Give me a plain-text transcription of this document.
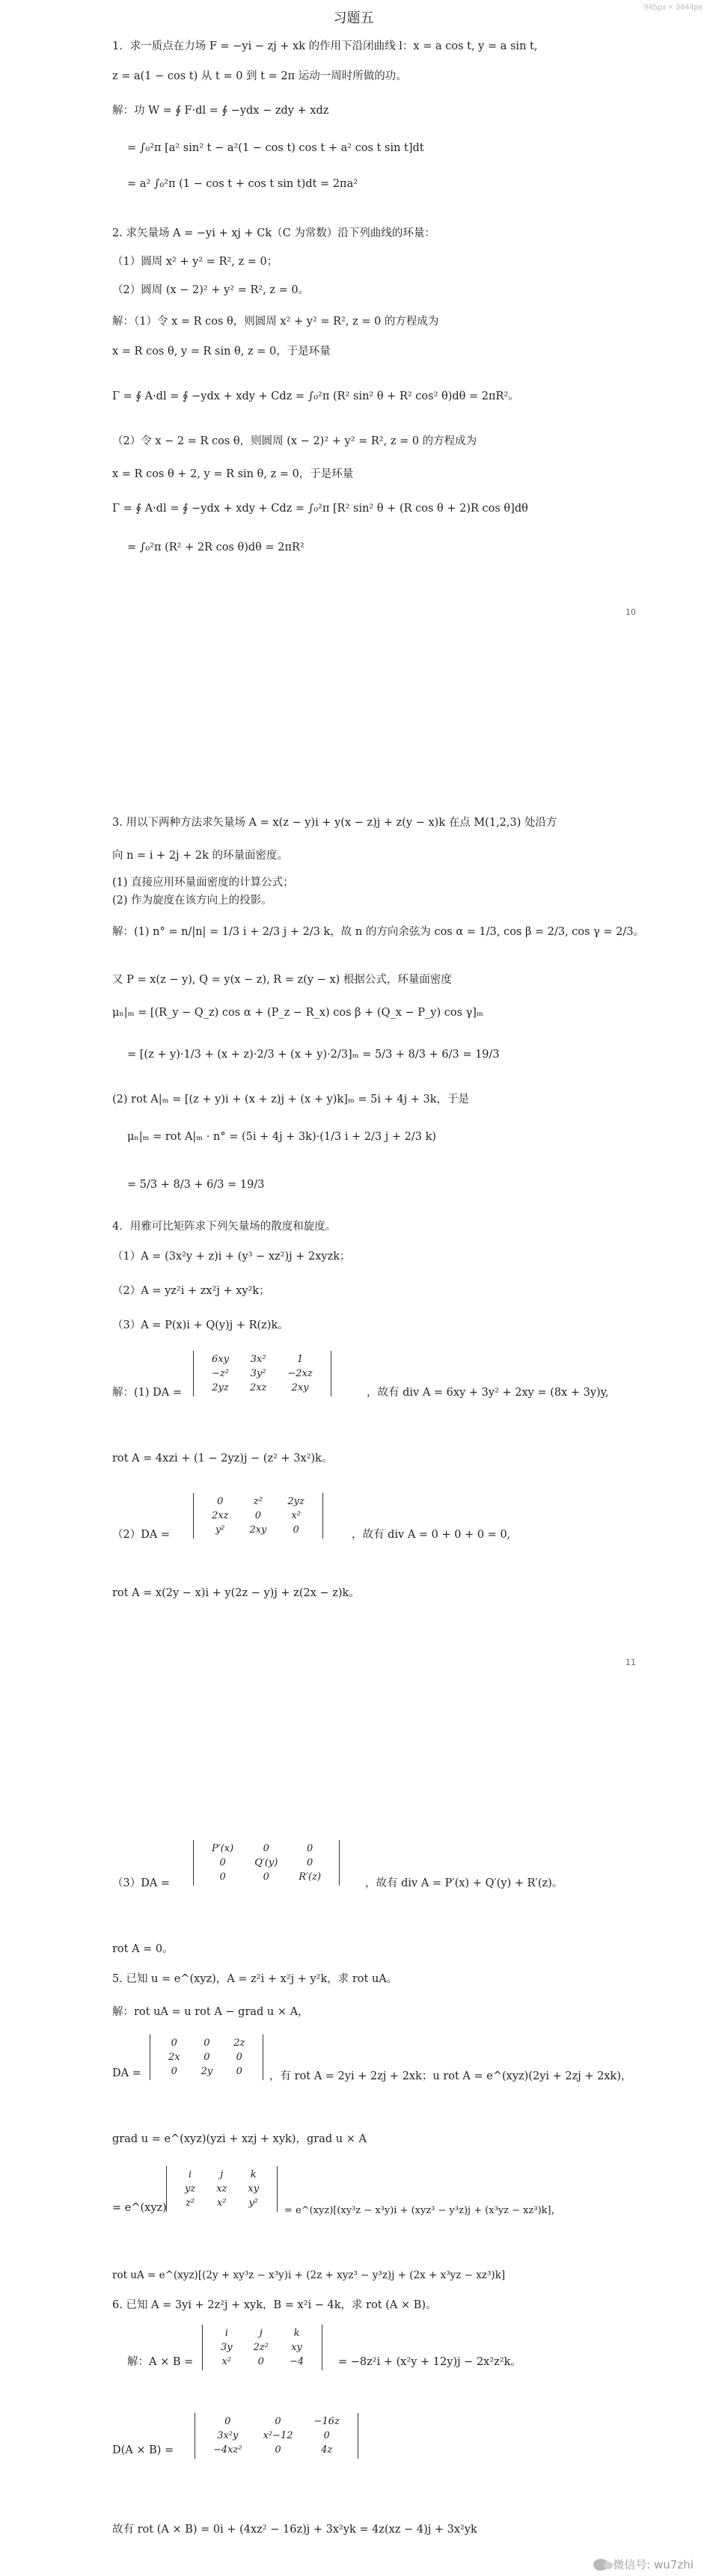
945px × 3444px
习题五
1．求一质点在力场 F = −yi − zj + xk 的作用下沿闭曲线 l：x = a cos t, y = a sin t,
z = a(1 − cos t) 从 t = 0 到 t = 2π 运动一周时所做的功。
解：功 W = ∮ F·dl = ∮ −ydx − zdy + xdz
= ∫₀²π [a² sin² t − a²(1 − cos t) cos t + a² cos t sin t]dt
= a² ∫₀²π (1 − cos t + cos t sin t)dt = 2πa²
2. 求矢量场 A = −yi + xj + Ck（C 为常数）沿下列曲线的环量：
（1）圆周 x² + y² = R², z = 0；
（2）圆周 (x − 2)² + y² = R², z = 0。
解：（1）令 x = R cos θ，则圆周 x² + y² = R², z = 0 的方程成为
x = R cos θ, y = R sin θ, z = 0，于是环量
Γ = ∮ A·dl = ∮ −ydx + xdy + Cdz = ∫₀²π (R² sin² θ + R² cos² θ)dθ = 2πR²。
（2）令 x − 2 = R cos θ，则圆周 (x − 2)² + y² = R², z = 0 的方程成为
x = R cos θ + 2, y = R sin θ, z = 0，于是环量
Γ = ∮ A·dl = ∮ −ydx + xdy + Cdz = ∫₀²π [R² sin² θ + (R cos θ + 2)R cos θ]dθ
= ∫₀²π (R² + 2R cos θ)dθ = 2πR²
10
3. 用以下两种方法求矢量场 A = x(z − y)i + y(x − z)j + z(y − x)k 在点 M(1,2,3) 处沿方
向 n = i + 2j + 2k 的环量面密度。
(1) 直接应用环量面密度的计算公式；
(2) 作为旋度在该方向上的投影。
解：(1) n° = n/|n| = 1/3 i + 2/3 j + 2/3 k，故 n 的方向余弦为 cos α = 1/3, cos β = 2/3, cos γ = 2/3。
又 P = x(z − y), Q = y(x − z), R = z(y − x) 根据公式，环量面密度
μₙ|ₘ = [(R_y − Q_z) cos α + (P_z − R_x) cos β + (Q_x − P_y) cos γ]ₘ
= [(z + y)·1/3 + (x + z)·2/3 + (x + y)·2/3]ₘ = 5/3 + 8/3 + 6/3 = 19/3
(2) rot A|ₘ = [(z + y)i + (x + z)j + (x + y)k]ₘ = 5i + 4j + 3k，于是
μₙ|ₘ = rot A|ₘ · n° = (5i + 4j + 3k)·(1/3 i + 2/3 j + 2/3 k)
= 5/3 + 8/3 + 6/3 = 19/3
4．用雅可比矩阵求下列矢量场的散度和旋度。
（1）A = (3x²y + z)i + (y³ − xz²)j + 2xyzk；
（2）A = yz²i + zx²j + xy²k；
（3）A = P(x)i + Q(y)j + R(z)k。
解：(1) DA =
6xy	3x²	1
−z²	3y²	−2xz
2yz	2xz	2xy	，故有 div A = 6xy + 3y² + 2xy = (8x + 3y)y,
rot A = 4xzi + (1 − 2yz)j − (z² + 3x²)k。
（2）DA =
0	z²	2yz
2xz	0	x²
y²	2xy	0	，故有 div A = 0 + 0 + 0 = 0,
rot A = x(2y − x)i + y(2z − y)j + z(2x − z)k。
11
（3）DA =
P′(x)	0	0
0	Q′(y)	0
0	0	R′(z)
，故有 div A = P′(x) + Q′(y) + R′(z)。
rot A = 0。
5. 已知 u = e^(xyz)，A = z²i + x²j + y²k，求 rot uA。
解：rot uA = u rot A − grad u × A，
DA =
0	0	2z
2x	0	0
0	2y	0 ，有 rot A = 2yi + 2zj + 2xk；u rot A = e^(xyz)(2yi + 2zj + 2xk)，
grad u = e^(xyz)(yzi + xzj + xyk)，grad u × A
= e^(xyz)
i	j	k
yz	xz	xy
z²	x²	y²
= e^(xyz)[(xy³z − x³y)i + (xyz³ − y³z)j + (x³yz − xz³)k]，
rot uA = e^(xyz)[(2y + xy³z − x³y)i + (2z + xyz³ − y³z)j + (2x + x³yz − xz³)k]
6. 已知 A = 3yi + 2z²j + xyk，B = x²i − 4k，求 rot (A × B)。
解：A × B =
i	j	k
3y	2z²	xy
x²	0	−4	= −8z²i + (x²y + 12y)j − 2x²z²k。
D(A × B) =
0	0	−16z
3x²y	x²−12	0
−4xz²	0	4z
故有 rot (A × B) = 0i + (4xz² − 16z)j + 3x²yk = 4z(xz − 4)j + 3x²yk
微信号: wu7zhi
